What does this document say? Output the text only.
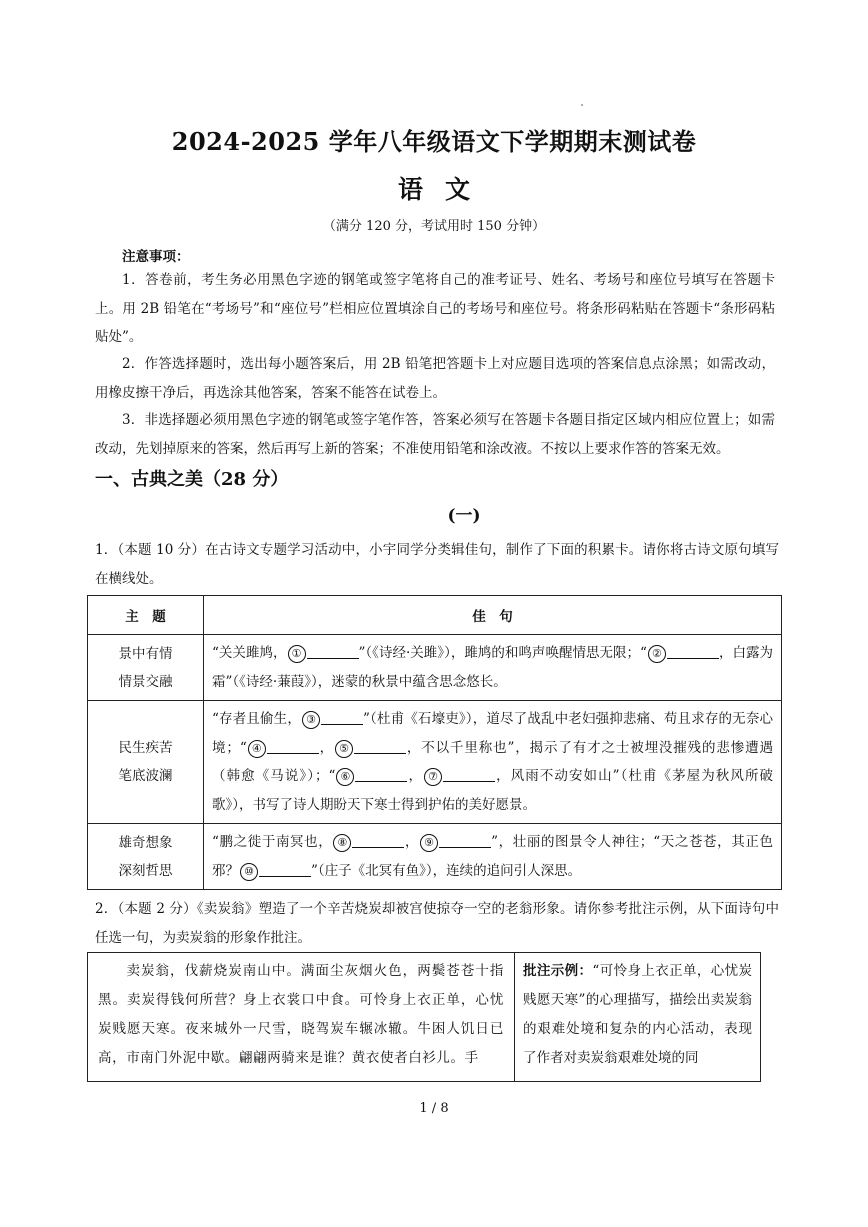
2024-2025 学年八年级语文下学期期末测试卷
语文
（满分 120 分，考试用时 150 分钟）
注意事项：
1．答卷前，考生务必用黑色字迹的钢笔或签字笔将自己的准考证号、姓名、考场号和座位号填写在答题卡上。用 2B 铅笔在“考场号”和“座位号”栏相应位置填涂自己的考场号和座位号。将条形码粘贴在答题卡“条形码粘贴处”。
2．作答选择题时，选出每小题答案后，用 2B 铅笔把答题卡上对应题目选项的答案信息点涂黑；如需改动，用橡皮擦干净后，再选涂其他答案，答案不能答在试卷上。
3．非选择题必须用黑色字迹的钢笔或签字笔作答，答案必须写在答题卡各题目指定区域内相应位置上；如需改动，先划掉原来的答案，然后再写上新的答案；不准使用铅笔和涂改液。不按以上要求作答的答案无效。
一、古典之美（28 分）
(一)
1．（本题 10 分）在古诗文专题学习活动中，小宇同学分类辑佳句，制作了下面的积累卡。请你将古诗文原句填写在横线处。
主　题	佳　句
景中有情
情景交融	“关关雎鸠， ① ”（《诗经·关雎》），雎鸠的和鸣声唤醒情思无限；“ ② ，白露为霜”（《诗经·蒹葭》），迷蒙的秋景中蕴含思念悠长。
民生疾苦
笔底波澜	“存者且偷生， ③ ”（杜甫《石壕吏》），道尽了战乱中老妇强抑悲痛、苟且求存的无奈心境；“ ④ ， ⑤ ，不以千里称也”，揭示了有才之士被埋没摧残的悲惨遭遇（韩愈《马说》）；“ ⑥ ， ⑦ ，风雨不动安如山”（杜甫《茅屋为秋风所破歌》），书写了诗人期盼天下寒士得到护佑的美好愿景。
雄奇想象
深刻哲思	“鹏之徙于南冥也， ⑧ ， ⑨ ”，壮丽的图景令人神往；“天之苍苍，其正色邪？ ⑩ ”（庄子《北冥有鱼》），连续的追问引人深思。
2．（本题 2 分）《卖炭翁》塑造了一个辛苦烧炭却被宫使掠夺一空的老翁形象。请你参考批注示例，从下面诗句中任选一句，为卖炭翁的形象作批注。
卖炭翁，伐薪烧炭南山中。满面尘灰烟火色，两鬓苍苍十指黑。卖炭得钱何所营？身上衣裳口中食。可怜身上衣正单，心忧炭贱愿天寒。夜来城外一尺雪，晓驾炭车辗冰辙。牛困人饥日已高，市南门外泥中歇。翩翩两骑来是谁？黄衣使者白衫儿。手
批注示例：“可怜身上衣正单，心忧炭贱愿天寒”的心理描写，描绘出卖炭翁的艰难处境和复杂的内心活动，表现了作者对卖炭翁艰难处境的同
1 / 8
